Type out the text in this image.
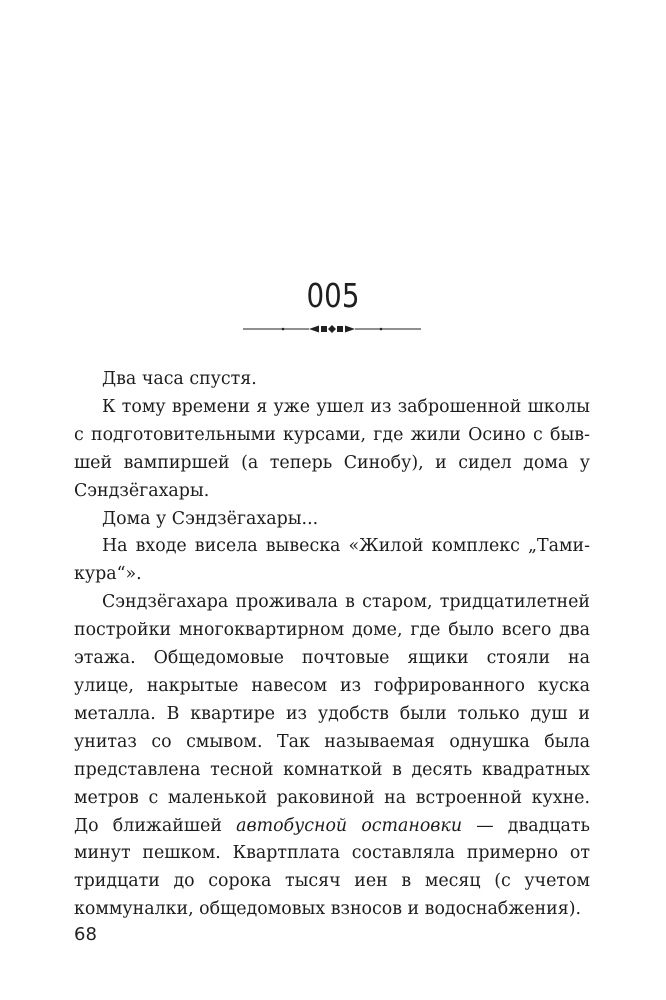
005

Два часа спустя.

К тому времени я уже ушел из заброшенной школы с подготовительными курсами, где жили Осино с бывшей вампиршей (а теперь Синобу), и сидел дома у Сэндзёгахары.

Дома у Сэндзёгахары...

На входе висела вывеска «Жилой комплекс „Тамикура“».

Сэндзёгахара проживала в старом, тридцатилетней постройки многоквартирном доме, где было всего два этажа. Общедомовые почтовые ящики стояли на улице, накрытые навесом из гофрированного куска металла. В квартире из удобств были только душ и унитаз со смывом. Так называемая однушка была представлена тесной комнаткой в десять квадратных метров с маленькой раковиной на встроенной кухне. До ближайшей автобусной остановки — двадцать минут пешком. Квартплата составляла примерно от тридцати до сорока тысяч иен в месяц (с учетом коммуналки, общедомовых взносов и водоснабжения).

68
